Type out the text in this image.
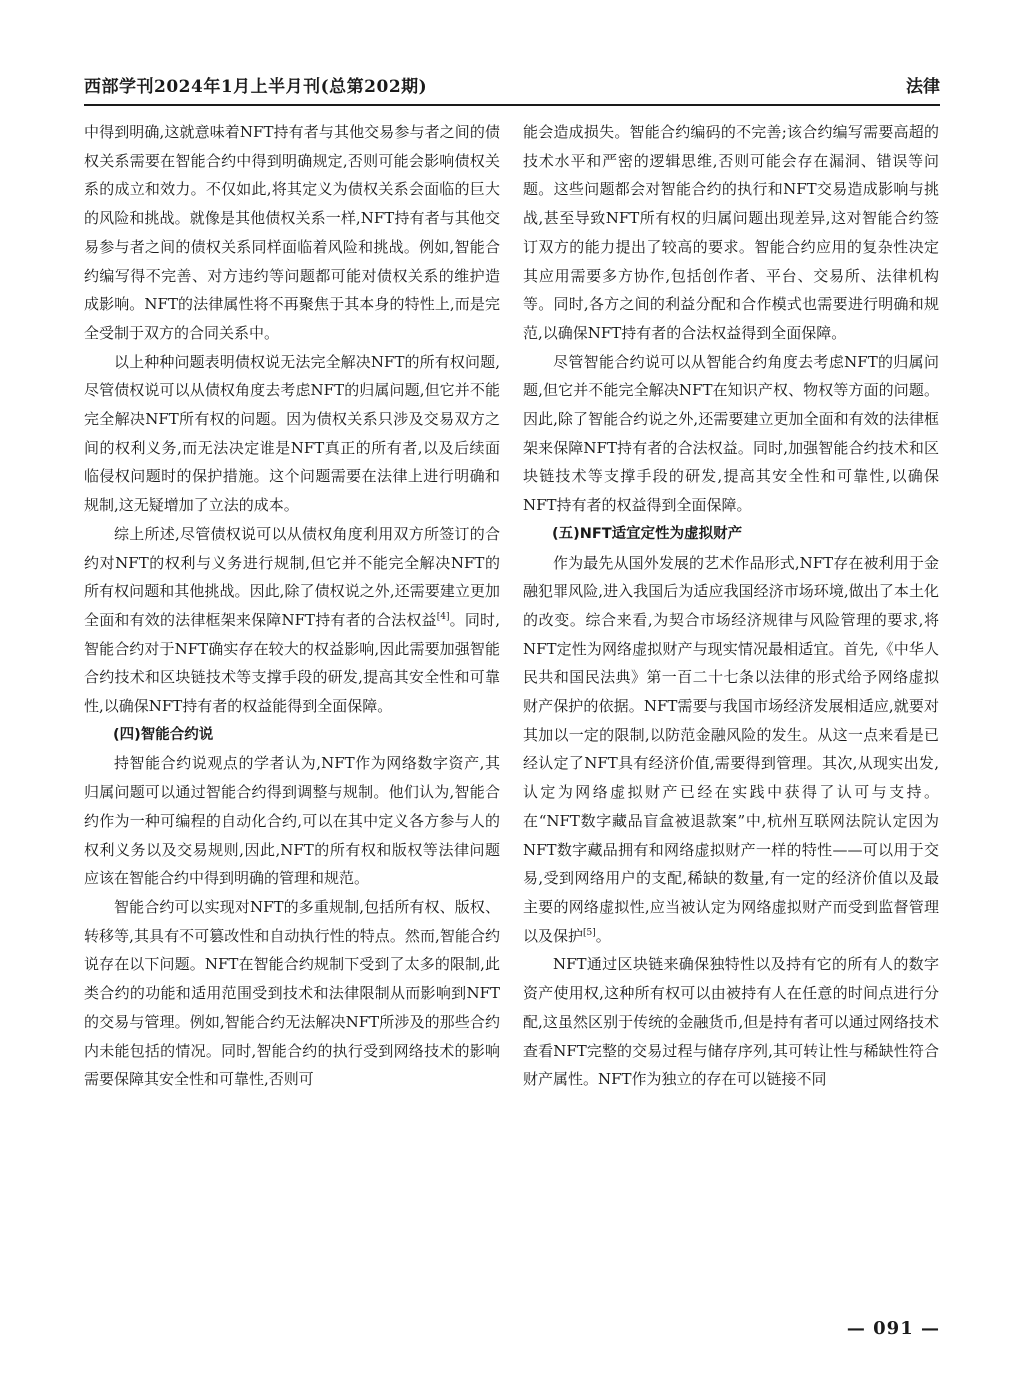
西部学刊2024年1月上半月刊(总第202期)	法律

中得到明确,这就意味着NFT持有者与其他交易参与者之间的债权关系需要在智能合约中得到明确规定,否则可能会影响债权关系的成立和效力。不仅如此,将其定义为债权关系会面临的巨大的风险和挑战。就像是其他债权关系一样,NFT持有者与其他交易参与者之间的债权关系同样面临着风险和挑战。例如,智能合约编写得不完善、对方违约等问题都可能对债权关系的维护造成影响。NFT的法律属性将不再聚焦于其本身的特性上,而是完全受制于双方的合同关系中。

以上种种问题表明债权说无法完全解决NFT的所有权问题,尽管债权说可以从债权角度去考虑NFT的归属问题,但它并不能完全解决NFT所有权的问题。因为债权关系只涉及交易双方之间的权利义务,而无法决定谁是NFT真正的所有者,以及后续面临侵权问题时的保护措施。这个问题需要在法律上进行明确和规制,这无疑增加了立法的成本。

综上所述,尽管债权说可以从债权角度利用双方所签订的合约对NFT的权利与义务进行规制,但它并不能完全解决NFT的所有权问题和其他挑战。因此,除了债权说之外,还需要建立更加全面和有效的法律框架来保障NFT持有者的合法权益[4]。同时,智能合约对于NFT确实存在较大的权益影响,因此需要加强智能合约技术和区块链技术等支撑手段的研发,提高其安全性和可靠性,以确保NFT持有者的权益能得到全面保障。

(四)智能合约说

持智能合约说观点的学者认为,NFT作为网络数字资产,其归属问题可以通过智能合约得到调整与规制。他们认为,智能合约作为一种可编程的自动化合约,可以在其中定义各方参与人的权利义务以及交易规则,因此,NFT的所有权和版权等法律问题应该在智能合约中得到明确的管理和规范。

智能合约可以实现对NFT的多重规制,包括所有权、版权、转移等,其具有不可篡改性和自动执行性的特点。然而,智能合约说存在以下问题。NFT在智能合约规制下受到了太多的限制,此类合约的功能和适用范围受到技术和法律限制从而影响到NFT的交易与管理。例如,智能合约无法解决NFT所涉及的那些合约内未能包括的情况。同时,智能合约的执行受到网络技术的影响需要保障其安全性和可靠性,否则可

能会造成损失。智能合约编码的不完善;该合约编写需要高超的技术水平和严密的逻辑思维,否则可能会存在漏洞、错误等问题。这些问题都会对智能合约的执行和NFT交易造成影响与挑战,甚至导致NFT所有权的归属问题出现差异,这对智能合约签订双方的能力提出了较高的要求。智能合约应用的复杂性决定其应用需要多方协作,包括创作者、平台、交易所、法律机构等。同时,各方之间的利益分配和合作模式也需要进行明确和规范,以确保NFT持有者的合法权益得到全面保障。

尽管智能合约说可以从智能合约角度去考虑NFT的归属问题,但它并不能完全解决NFT在知识产权、物权等方面的问题。因此,除了智能合约说之外,还需要建立更加全面和有效的法律框架来保障NFT持有者的合法权益。同时,加强智能合约技术和区块链技术等支撑手段的研发,提高其安全性和可靠性,以确保NFT持有者的权益得到全面保障。

(五)NFT适宜定性为虚拟财产

作为最先从国外发展的艺术作品形式,NFT存在被利用于金融犯罪风险,进入我国后为适应我国经济市场环境,做出了本土化的改变。综合来看,为契合市场经济规律与风险管理的要求,将NFT定性为网络虚拟财产与现实情况最相适宜。首先,《中华人民共和国民法典》第一百二十七条以法律的形式给予网络虚拟财产保护的依据。NFT需要与我国市场经济发展相适应,就要对其加以一定的限制,以防范金融风险的发生。从这一点来看是已经认定了NFT具有经济价值,需要得到管理。其次,从现实出发,认定为网络虚拟财产已经在实践中获得了认可与支持。在“NFT数字藏品盲盒被退款案”中,杭州互联网法院认定因为NFT数字藏品拥有和网络虚拟财产一样的特性——可以用于交易,受到网络用户的支配,稀缺的数量,有一定的经济价值以及最主要的网络虚拟性,应当被认定为网络虚拟财产而受到监督管理以及保护[5]。

NFT通过区块链来确保独特性以及持有它的所有人的数字资产使用权,这种所有权可以由被持有人在任意的时间点进行分配,这虽然区别于传统的金融货币,但是持有者可以通过网络技术查看NFT完整的交易过程与储存序列,其可转让性与稀缺性符合财产属性。NFT作为独立的存在可以链接不同

— 091 —
